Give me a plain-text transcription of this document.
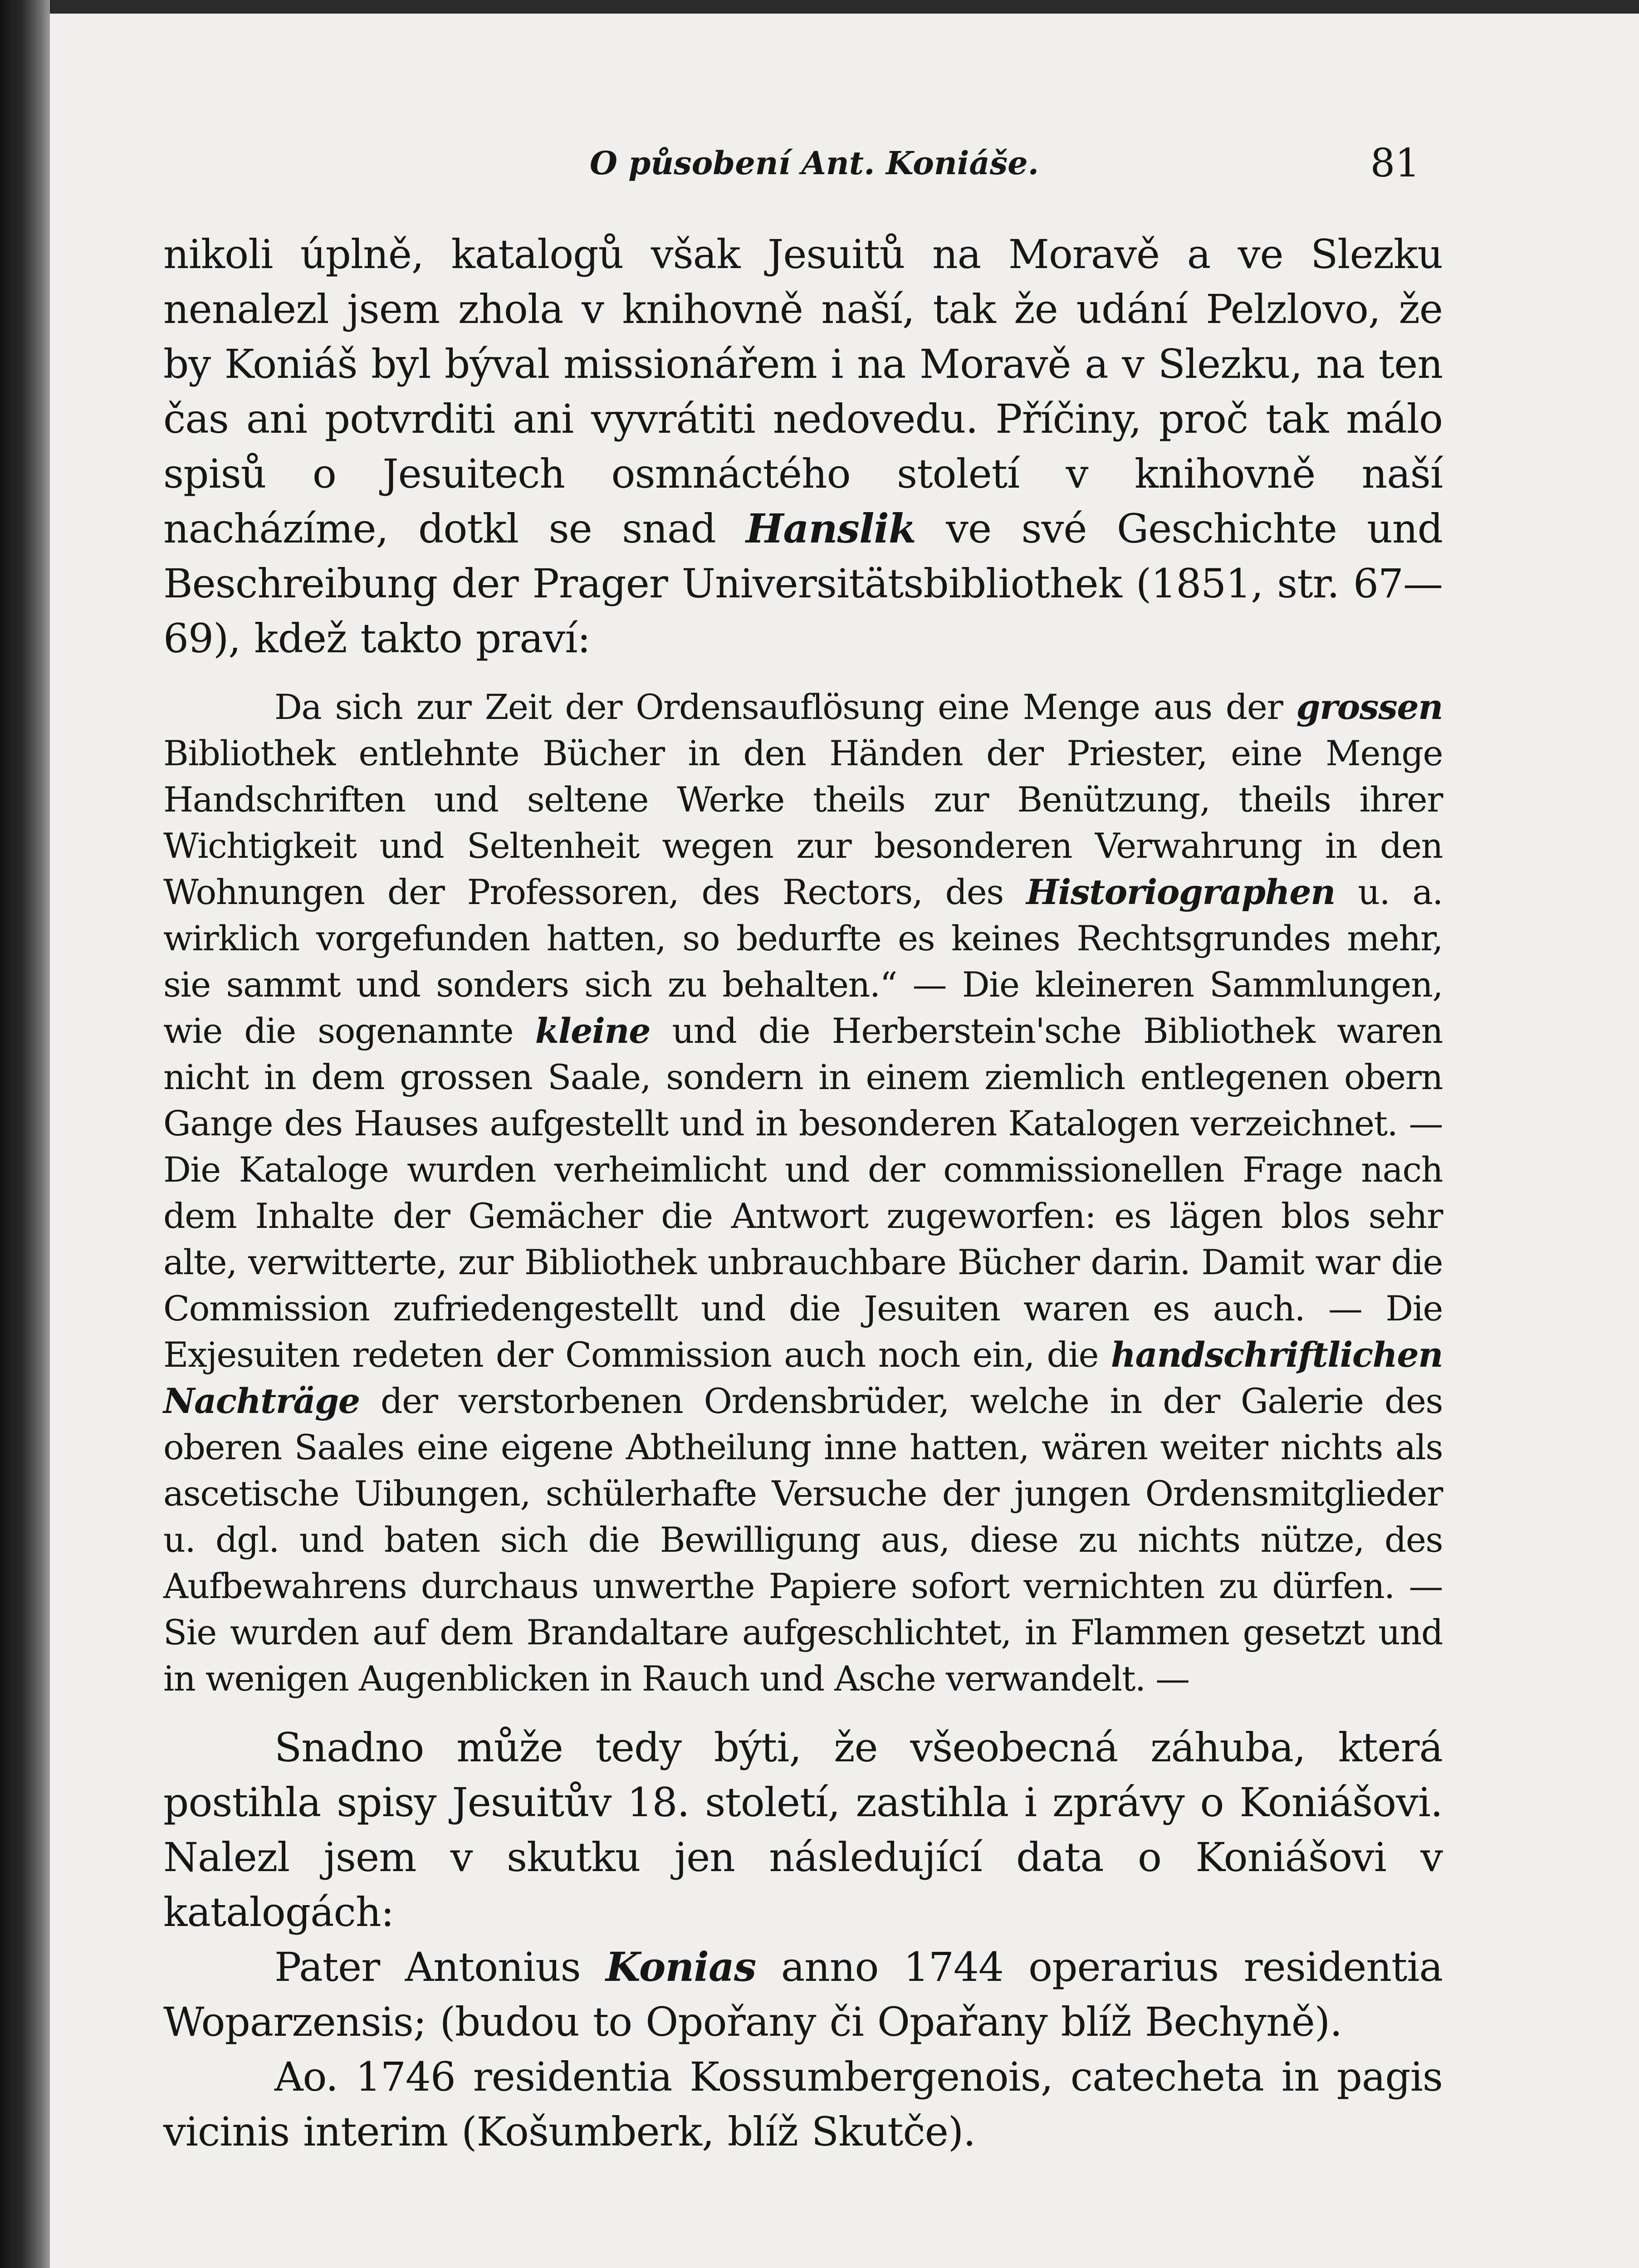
O působení Ant. Koniáše.	81

nikoli úplně, katalogů však Jesuitů na Moravě a ve Slezku nenalezl jsem zhola v knihovně naší, tak že udání Pelzlovo, že by Koniáš byl býval missionářem i na Moravě a v Slezku, na ten čas ani potvrditi ani vyvrátiti nedovedu. Příčiny, proč tak málo spisů o Jesuitech osmnáctého století v knihovně naší nacházíme, dotkl se snad Hanslik ve své Geschichte und Beschreibung der Prager Universitätsbibliothek (1851, str. 67—69), kdež takto praví:

Da sich zur Zeit der Ordensauflösung eine Menge aus der grossen Bibliothek entlehnte Bücher in den Händen der Priester, eine Menge Handschriften und seltene Werke theils zur Benützung, theils ihrer Wichtigkeit und Seltenheit wegen zur besonderen Verwahrung in den Wohnungen der Professoren, des Rectors, des Historiographen u. a. wirklich vorgefunden hatten, so bedurfte es keines Rechtsgrundes mehr, sie sammt und sonders sich zu behalten.“ — Die kleineren Sammlungen, wie die sogenannte kleine und die Herberstein'sche Bibliothek waren nicht in dem grossen Saale, sondern in einem ziemlich entlegenen obern Gange des Hauses aufgestellt und in besonderen Katalogen verzeichnet. — Die Kataloge wurden verheimlicht und der commissionellen Frage nach dem Inhalte der Gemächer die Antwort zugeworfen: es lägen blos sehr alte, verwitterte, zur Bibliothek unbrauchbare Bücher darin. Damit war die Commission zufriedengestellt und die Jesuiten waren es auch. — Die Exjesuiten redeten der Commission auch noch ein, die handschriftlichen Nachträge der verstorbenen Ordensbrüder, welche in der Galerie des oberen Saales eine eigene Abtheilung inne hatten, wären weiter nichts als ascetische Uibungen, schülerhafte Versuche der jungen Ordensmitglieder u. dgl. und baten sich die Bewilligung aus, diese zu nichts nütze, des Aufbewahrens durchaus unwerthe Papiere sofort vernichten zu dürfen. — Sie wurden auf dem Brandaltare aufgeschlichtet, in Flammen gesetzt und in wenigen Augenblicken in Rauch und Asche verwandelt. —

Snadno může tedy býti, že všeobecná záhuba, která postihla spisy Jesuitův 18. století, zastihla i zprávy o Koniášovi. Nalezl jsem v skutku jen následující data o Koniášovi v katalogách:

Pater Antonius Konias anno 1744 operarius residentia Woparzensis; (budou to Opořany či Opařany blíž Bechyně).

Ao. 1746 residentia Kossumbergenois, catecheta in pagis vicinis interim (Košumberk, blíž Skutče).
